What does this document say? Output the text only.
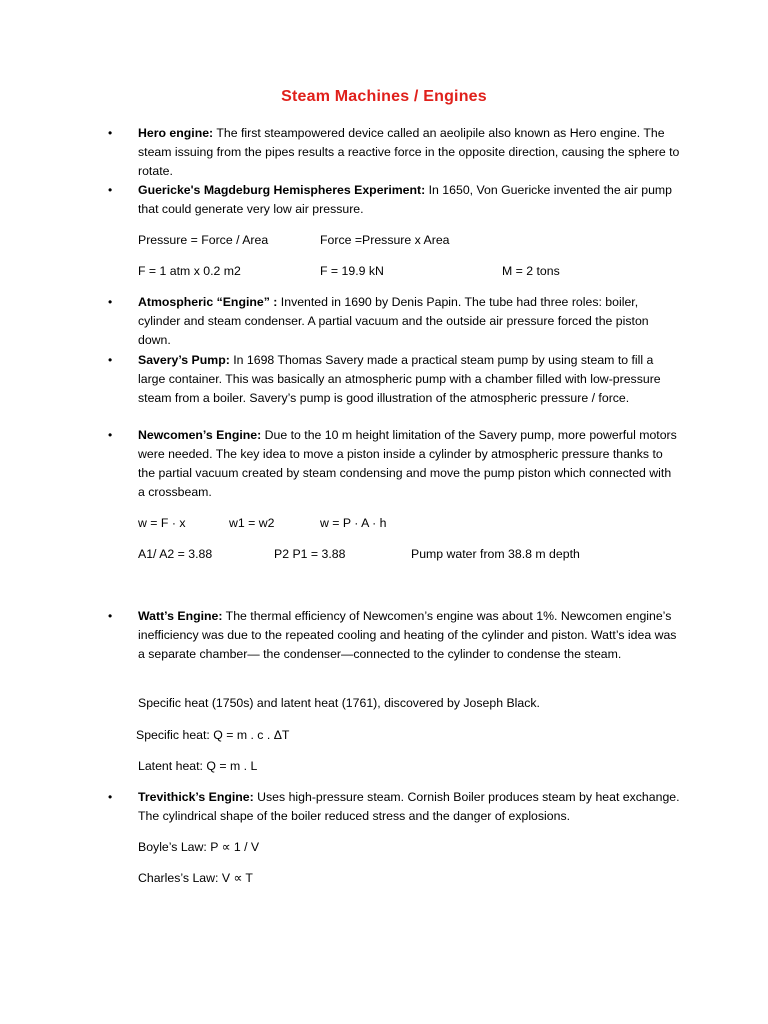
Steam Machines / Engines
• Hero engine: The first steampowered device called an aeolipile also known as Hero engine. The steam issuing from the pipes results a reactive force in the opposite direction, causing the sphere to rotate.
• Guericke's Magdeburg Hemispheres Experiment: In 1650, Von Guericke invented the air pump that could generate very low air pressure.
Pressure = Force / Area	Force =Pressure x Area
F = 1 atm x 0.2 m2	F = 19.9 kN	M = 2 tons
• Atmospheric “Engine” : Invented in 1690 by Denis Papin. The tube had three roles: boiler, cylinder and steam condenser. A partial vacuum and the outside air pressure forced the piston down.
• Savery’s Pump: In 1698 Thomas Savery made a practical steam pump by using steam to fill a large container. This was basically an atmospheric pump with a chamber filled with low-pressure steam from a boiler. Savery’s pump is good illustration of the atmospheric pressure / force.
• Newcomen’s Engine: Due to the 10 m height limitation of the Savery pump, more powerful motors were needed. The key idea to move a piston inside a cylinder by atmospheric pressure thanks to the partial vacuum created by steam condensing and move the pump piston which connected with a crossbeam.
w = F · x	w1 = w2	w = P · A · h
A1/ A2 = 3.88	P2 P1 = 3.88	Pump water from 38.8 m depth
• Watt’s Engine: The thermal efficiency of Newcomen’s engine was about 1%. Newcomen engine’s inefficiency was due to the repeated cooling and heating of the cylinder and piston. Watt’s idea was a separate chamber— the condenser—connected to the cylinder to condense the steam.
Specific heat (1750s) and latent heat (1761), discovered by Joseph Black.
Specific heat: Q = m . c . ΔT
Latent heat: Q = m . L
• Trevithick’s Engine: Uses high-pressure steam. Cornish Boiler produces steam by heat exchange. The cylindrical shape of the boiler reduced stress and the danger of explosions.
Boyle’s Law: P ∝ 1 / V
Charles’s Law: V ∝ T
